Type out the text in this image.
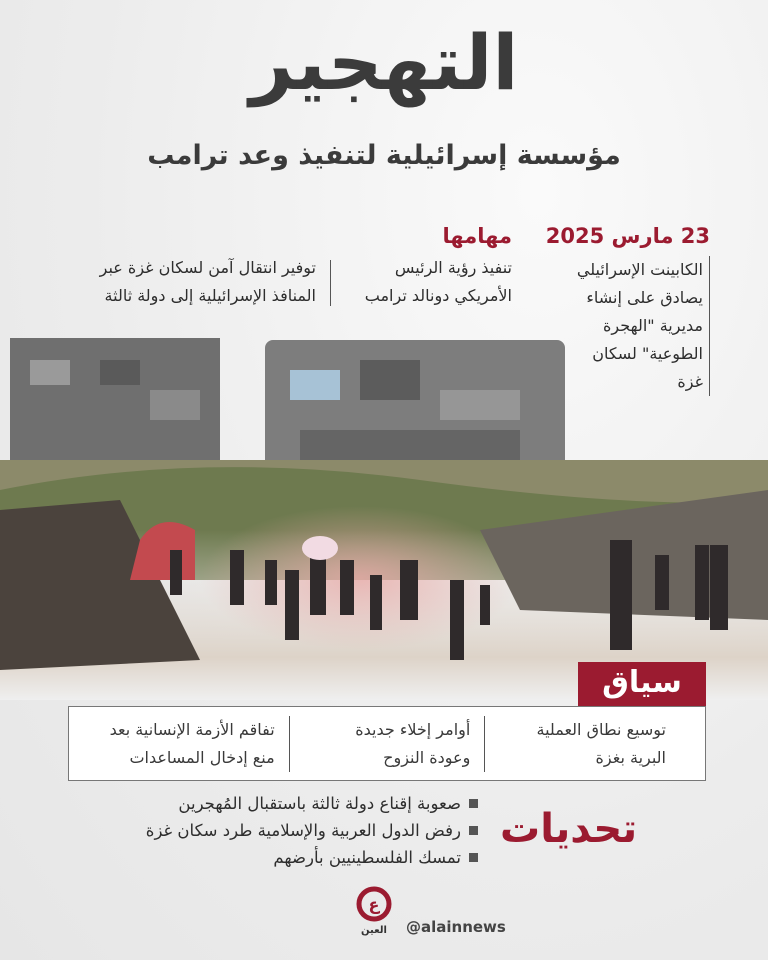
التهجير
مؤسسة إسرائيلية لتنفيذ وعد ترامب
23 مارس 2025
الكابينت الإسرائيلي
يصادق على إنشاء
مديرية "الهجرة
الطوعية" لسكان
غزة
مهامها
تنفيذ رؤية الرئيس
الأمريكي دونالد ترامب
توفير انتقال آمن لسكان غزة عبر
المنافذ الإسرائيلية إلى دولة ثالثة
سياق
توسيع نطاق العملية
البرية بغزة
أوامر إخلاء جديدة
وعودة النزوح
تفاقم الأزمة الإنسانية بعد
منع إدخال المساعدات
تحديات
صعوبة إقناع دولة ثالثة باستقبال المُهجرين
رفض الدول العربية والإسلامية طرد سكان غزة
تمسك الفلسطينيين بأرضهم
ع
العين	@alainnews
